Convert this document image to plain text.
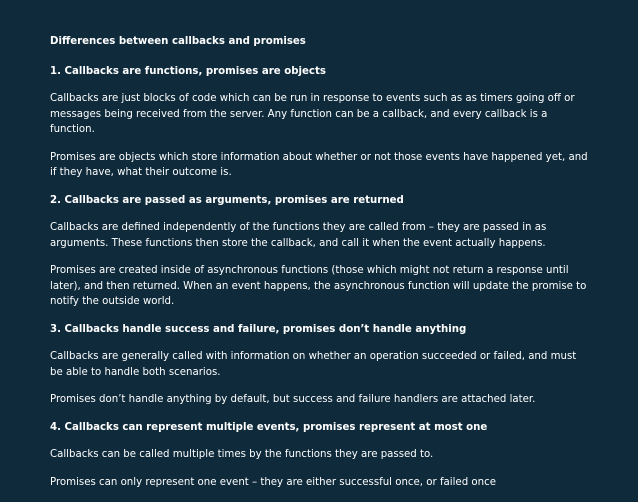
Differences between callbacks and promises

1. Callbacks are functions, promises are objects

Callbacks are just blocks of code which can be run in response to events such as as timers going off or messages being received from the server. Any function can be a callback, and every callback is a function.

Promises are objects which store information about whether or not those events have happened yet, and if they have, what their outcome is.

2. Callbacks are passed as arguments, promises are returned

Callbacks are defined independently of the functions they are called from – they are passed in as arguments. These functions then store the callback, and call it when the event actually happens.

Promises are created inside of asynchronous functions (those which might not return a response until later), and then returned. When an event happens, the asynchronous function will update the promise to notify the outside world.

3. Callbacks handle success and failure, promises don’t handle anything

Callbacks are generally called with information on whether an operation succeeded or failed, and must be able to handle both scenarios.

Promises don’t handle anything by default, but success and failure handlers are attached later.

4. Callbacks can represent multiple events, promises represent at most one

Callbacks can be called multiple times by the functions they are passed to.

Promises can only represent one event – they are either successful once, or failed once
